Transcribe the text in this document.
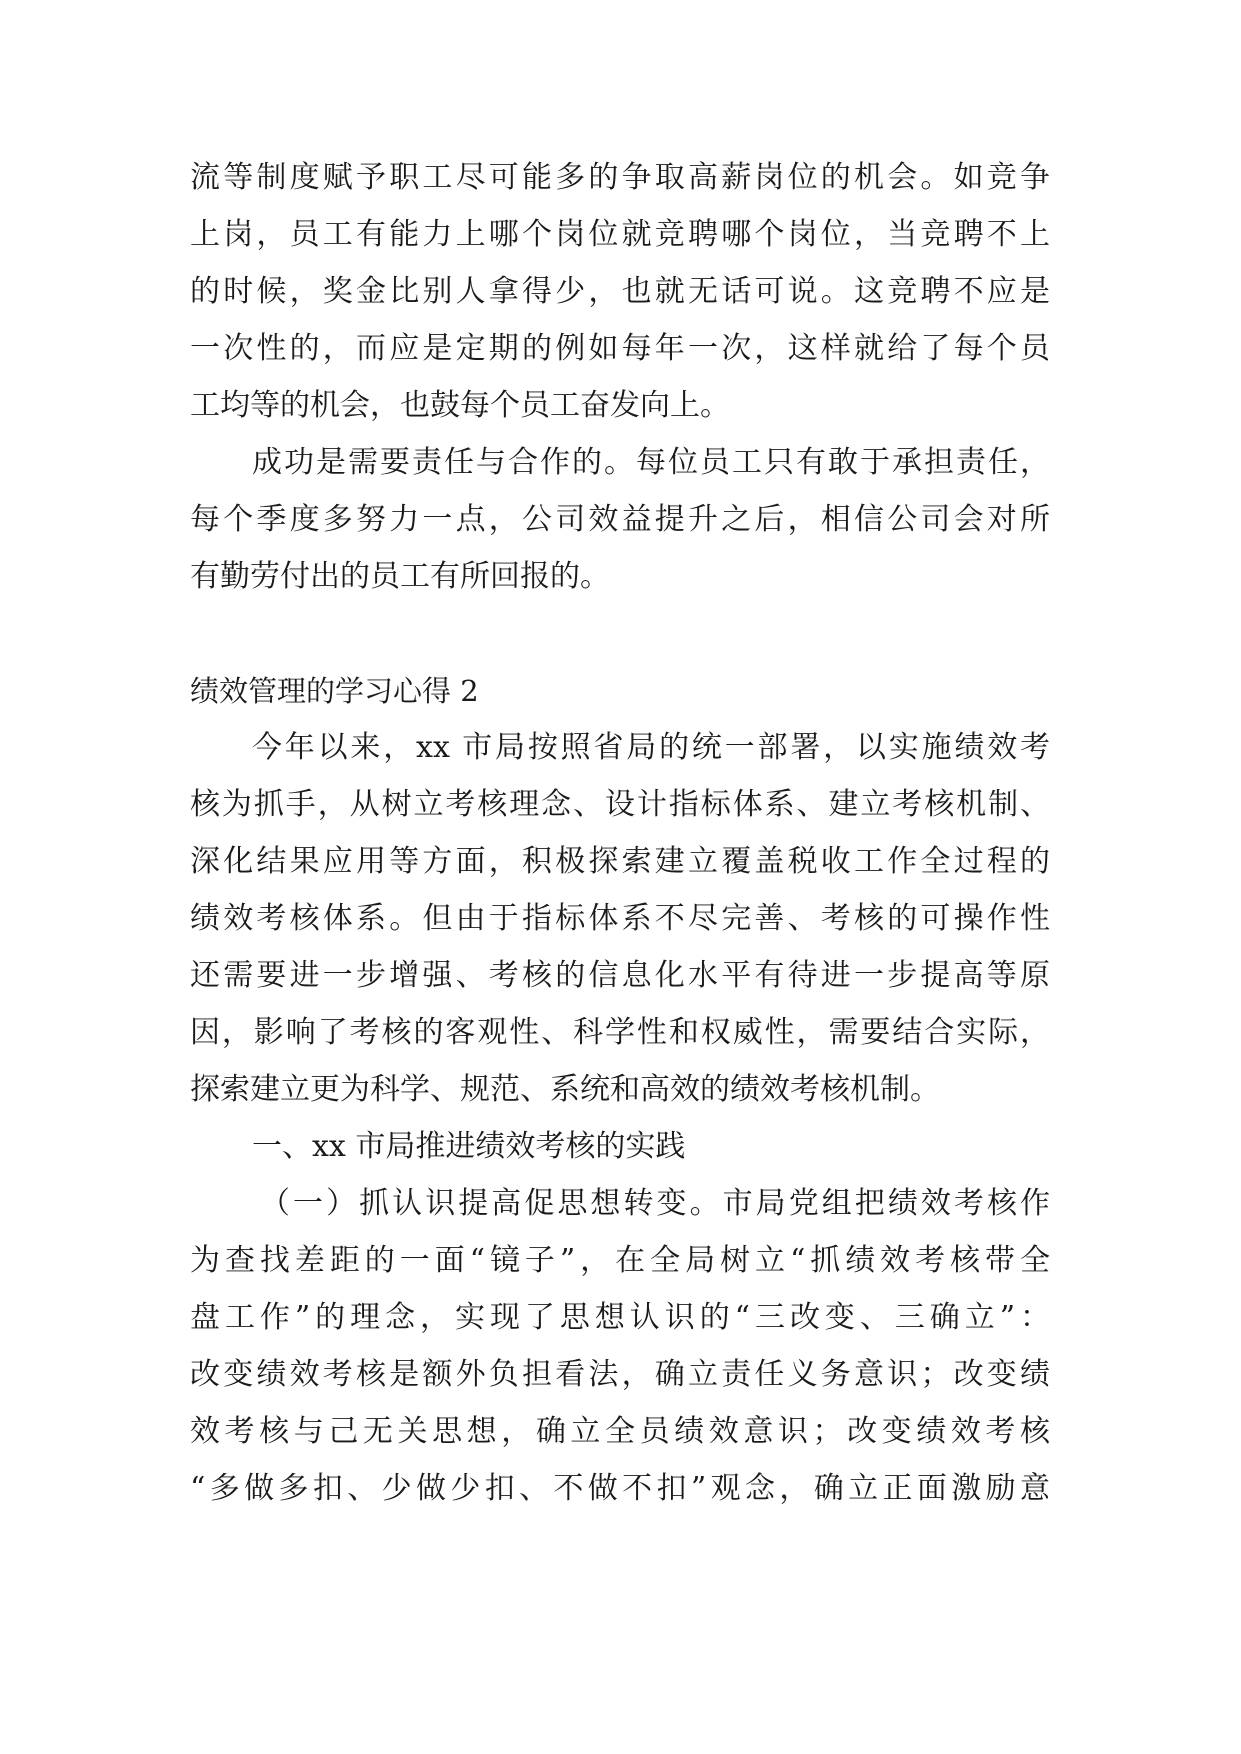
流等制度赋予职工尽可能多的争取高薪岗位的机会。如竞争
上岗，员工有能力上哪个岗位就竞聘哪个岗位，当竞聘不上
的时候，奖金比别人拿得少，也就无话可说。这竞聘不应是
一次性的，而应是定期的例如每年一次，这样就给了每个员
工均等的机会，也鼓每个员工奋发向上。
成功是需要责任与合作的。每位员工只有敢于承担责任，
每个季度多努力一点，公司效益提升之后，相信公司会对所
有勤劳付出的员工有所回报的。
绩效管理的学习心得 2
今年以来，xx 市局按照省局的统一部署，以实施绩效考
核为抓手，从树立考核理念、设计指标体系、建立考核机制、
深化结果应用等方面，积极探索建立覆盖税收工作全过程的
绩效考核体系。但由于指标体系不尽完善、考核的可操作性
还需要进一步增强、考核的信息化水平有待进一步提高等原
因，影响了考核的客观性、科学性和权威性，需要结合实际，
探索建立更为科学、规范、系统和高效的绩效考核机制。
一、xx 市局推进绩效考核的实践
（一）抓认识提高促思想转变。市局党组把绩效考核作
为查找差距的一面“镜子”，在全局树立“抓绩效考核带全
盘工作”的理念，实现了思想认识的“三改变、三确立”：
改变绩效考核是额外负担看法，确立责任义务意识；改变绩
效考核与己无关思想，确立全员绩效意识；改变绩效考核
“多做多扣、少做少扣、不做不扣”观念，确立正面激励意
